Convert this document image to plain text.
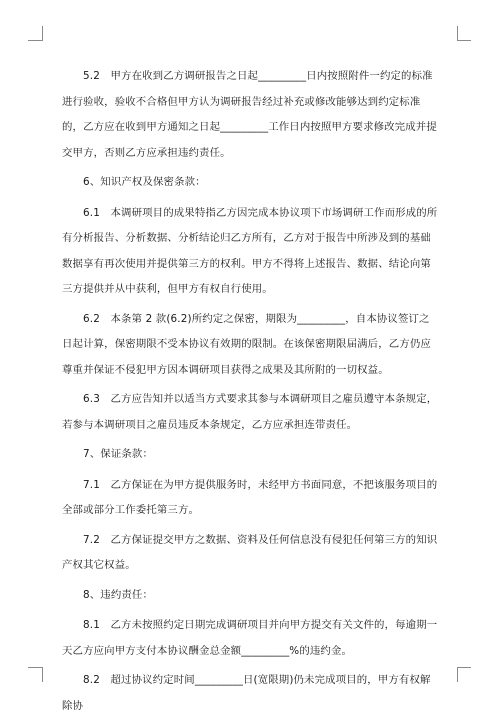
5.2　甲方在收到乙方调研报告之日起_________日内按照附件一约定的标准进行验收，验收不合格但甲方认为调研报告经过补充或修改能够达到约定标准的，乙方应在收到甲方通知之日起_________工作日内按照甲方要求修改完成并提交甲方，否则乙方应承担违约责任。

6、知识产权及保密条款：

6.1　本调研项目的成果特指乙方因完成本协议项下市场调研工作而形成的所有分析报告、分析数据、分析结论归乙方所有，乙方对于报告中所涉及到的基础数据享有再次使用并提供第三方的权利。甲方不得将上述报告、数据、结论向第三方提供并从中获利，但甲方有权自行使用。

6.2　本条第 2 款(6.2)所约定之保密，期限为_________，自本协议签订之日起计算，保密期限不受本协议有效期的限制。在该保密期限届满后，乙方仍应尊重并保证不侵犯甲方因本调研项目获得之成果及其所附的一切权益。

6.3　乙方应告知并以适当方式要求其参与本调研项目之雇员遵守本条规定，若参与本调研项目之雇员违反本条规定，乙方应承担连带责任。

7、保证条款：

7.1　乙方保证在为甲方提供服务时，未经甲方书面同意，不把该服务项目的全部或部分工作委托第三方。

7.2　乙方保证提交甲方之数据、资料及任何信息没有侵犯任何第三方的知识产权其它权益。

8、违约责任：

8.1　乙方未按照约定日期完成调研项目并向甲方提交有关文件的，每逾期一天乙方应向甲方支付本协议酬金总金额_________%的违约金。

8.2　超过协议约定时间_________日(宽限期)仍未完成项目的，甲方有权解除协
